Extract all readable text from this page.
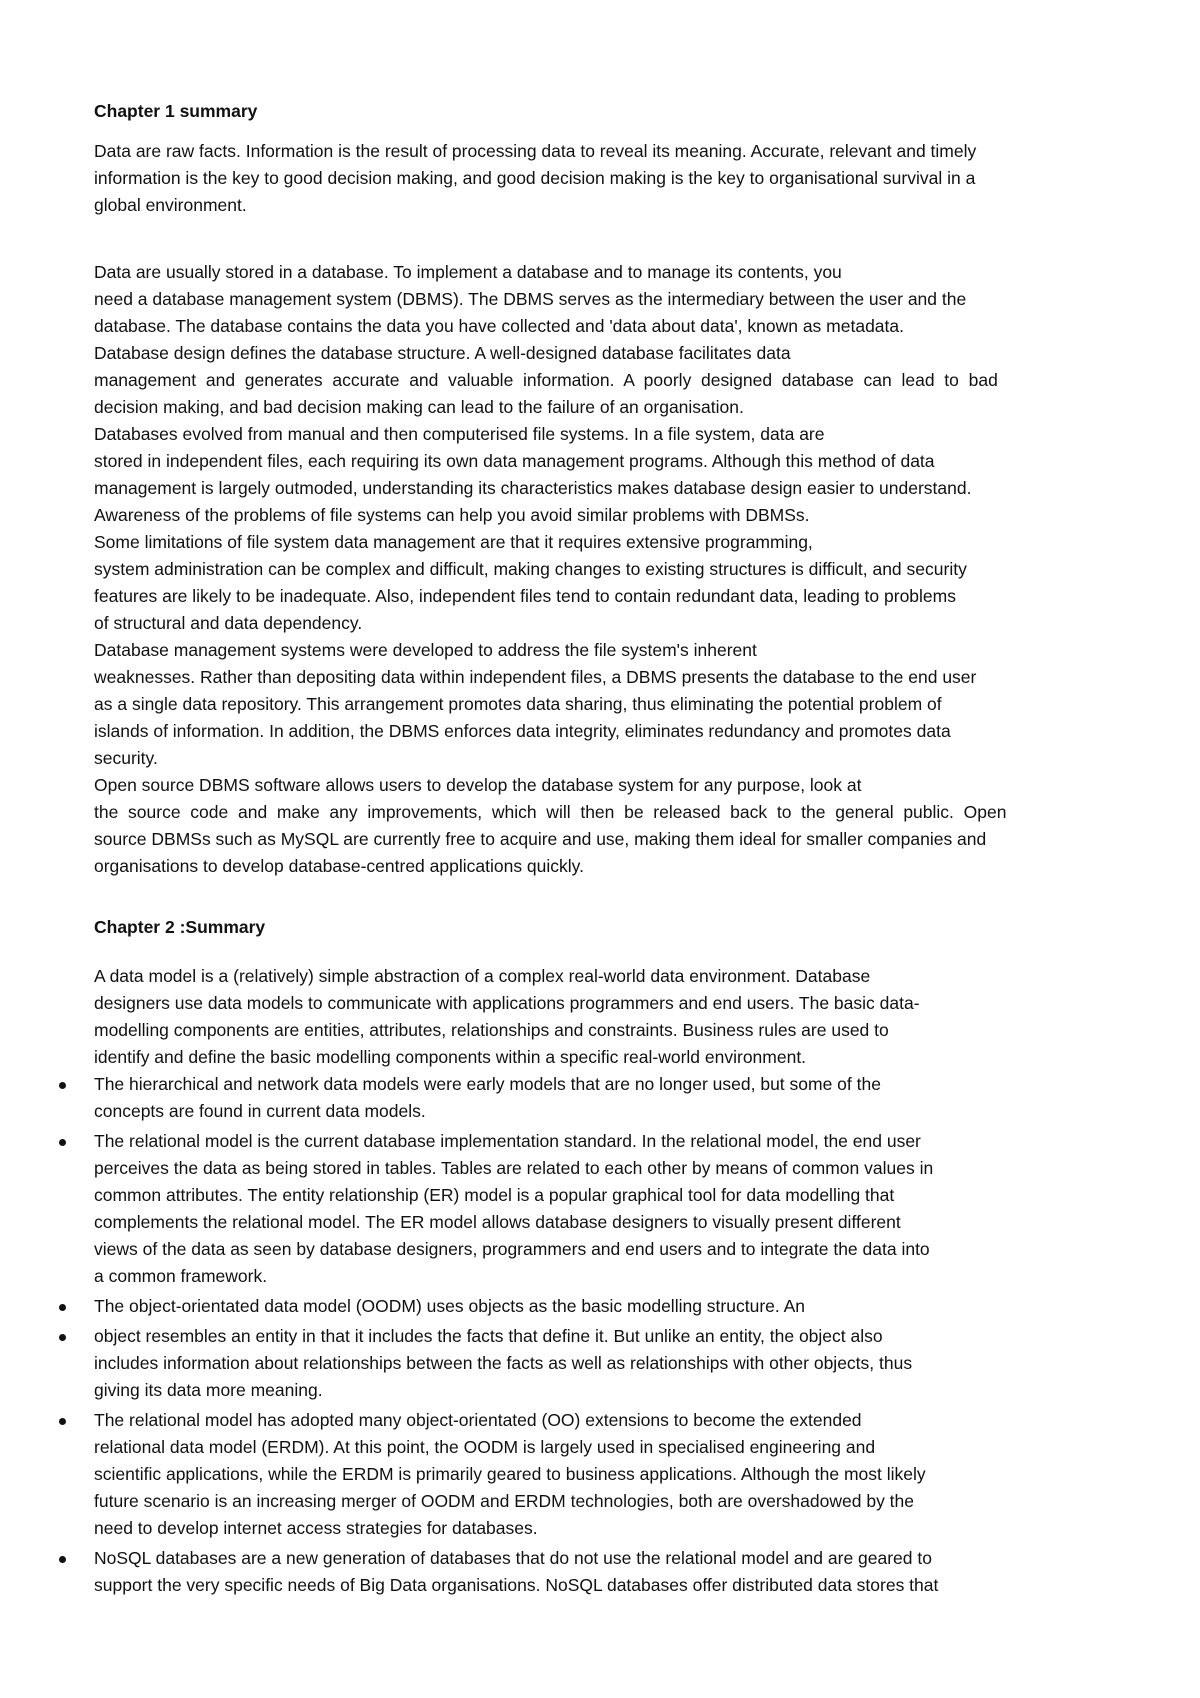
Chapter 1 summary

Data are raw facts. Information is the result of processing data to reveal its meaning. Accurate, relevant and timely

information is the key to good decision making, and good decision making is the key to organisational survival in a

global environment.

Data are usually stored in a database. To implement a database and to manage its contents, you

need a database management system (DBMS). The DBMS serves as the intermediary between the user and the

database. The database contains the data you have collected and 'data about data', known as metadata.

Database design defines the database structure. A well-designed database facilitates data

management  and  generates  accurate  and  valuable  information.  A  poorly  designed  database  can  lead  to  bad

decision making, and bad decision making can lead to the failure of an organisation.

Databases evolved from manual and then computerised file systems. In a file system, data are

stored in independent files, each requiring its own data management programs. Although this method of data

management is largely outmoded, understanding its characteristics makes database design easier to understand.

Awareness of the problems of file systems can help you avoid similar problems with DBMSs.

Some limitations of file system data management are that it requires extensive programming,

system administration can be complex and difficult, making changes to existing structures is difficult, and security

features are likely to be inadequate. Also, independent files tend to contain redundant data, leading to problems

of structural and data dependency.

Database management systems were developed to address the file system's inherent

weaknesses. Rather than depositing data within independent files, a DBMS presents the database to the end user

as a single data repository. This arrangement promotes data sharing, thus eliminating the potential problem of

islands of information. In addition, the DBMS enforces data integrity, eliminates redundancy and promotes data

security.

Open source DBMS software allows users to develop the database system for any purpose, look at

the  source  code  and  make  any  improvements,  which  will  then  be  released  back  to  the  general  public.  Open

source DBMSs such as MySQL are currently free to acquire and use, making them ideal for smaller companies and

organisations to develop database-centred applications quickly.

Chapter 2 :Summary

A data model is a (relatively) simple abstraction of a complex real-world data environment. Database

designers use data models to communicate with applications programmers and end users. The basic data-

modelling components are entities, attributes, relationships and constraints. Business rules are used to

identify and define the basic modelling components within a specific real-world environment.

The hierarchical and network data models were early models that are no longer used, but some of the

concepts are found in current data models.

The relational model is the current database implementation standard. In the relational model, the end user

perceives the data as being stored in tables. Tables are related to each other by means of common values in

common attributes. The entity relationship (ER) model is a popular graphical tool for data modelling that

complements the relational model. The ER model allows database designers to visually present different

views of the data as seen by database designers, programmers and end users and to integrate the data into

a common framework.

The object-orientated data model (OODM) uses objects as the basic modelling structure. An

object resembles an entity in that it includes the facts that define it. But unlike an entity, the object also

includes information about relationships between the facts as well as relationships with other objects, thus

giving its data more meaning.

The relational model has adopted many object-orientated (OO) extensions to become the extended

relational data model (ERDM). At this point, the OODM is largely used in specialised engineering and

scientific applications, while the ERDM is primarily geared to business applications. Although the most likely

future scenario is an increasing merger of OODM and ERDM technologies, both are overshadowed by the

need to develop internet access strategies for databases.

NoSQL databases are a new generation of databases that do not use the relational model and are geared to

support the very specific needs of Big Data organisations. NoSQL databases offer distributed data stores that
